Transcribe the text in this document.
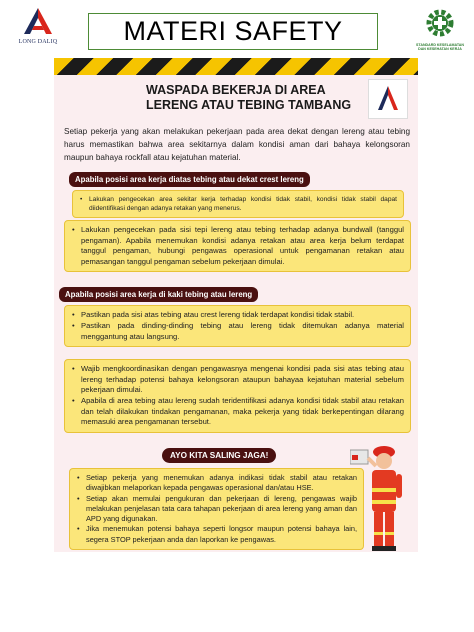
LONG DALIQ	MATERI SAFETY	STANDARD KESELAMATAN
DAN KESEHATAN KERJA
WASPADA BEKERJA DI AREA
LERENG ATAU TEBING TAMBANG

Setiap pekerja yang akan melakukan pekerjaan pada area dekat dengan lereng atau tebing harus memastikan bahwa area sekitarnya dalam kondisi aman dari bahaya kelongsoran maupun bahaya rockfall atau kejatuhan material.

Apabila posisi area kerja diatas tebing atau dekat crest lereng
• Lakukan pengecekan area sekitar kerja terhadap kondisi tidak stabil, kondisi tidak stabil dapat diidentifikasi dengan adanya retakan yang menerus.
• Lakukan pengecekan pada sisi tepi lereng atau tebing terhadap adanya bundwall (tanggul pengaman). Apabila menemukan kondisi adanya retakan atau area kerja belum terdapat tanggul pengaman, hubungi pengawas operasional untuk pengamanan retakan atau pemasangan tanggul pengaman sebelum pekerjaan dimulai.
Apabila posisi area kerja di kaki tebing atau lereng
• Pastikan pada sisi atas tebing atau crest lereng tidak terdapat kondisi tidak stabil.
• Pastikan pada dinding-dinding tebing atau lereng tidak ditemukan adanya material menggantung atau langsung.
• Wajib mengkoordinasikan dengan pengawasnya mengenai kondisi pada sisi atas tebing atau lereng terhadap potensi bahaya kelongsoran ataupun bahayaa kejatuhan material sebelum pekerjaan dimulai.
• Apabila di area tebing atau lereng sudah teridentifikasi adanya kondisi tidak stabil atau retakan dan telah dilakukan tindakan pengamanan, maka pekerja yang tidak berkepentingan dilarang memasuki area pengamanan tersebut.
AYO KITA SALING JAGA!
• Setiap pekerja yang menemukan adanya indikasi tidak stabil atau retakan diwajibkan melaporkan kepada pengawas operasional dan/atau HSE.
• Setiap akan memulai pengukuran dan pekerjaan di lereng, pengawas wajib melakukan penjelasan tata cara tahapan pekerjaan di area lereng yang aman dan APD yang digunakan.
• Jika menemukan potensi bahaya seperti longsor maupun potensi bahaya lain, segera STOP pekerjaan anda dan laporkan ke pengawas.
